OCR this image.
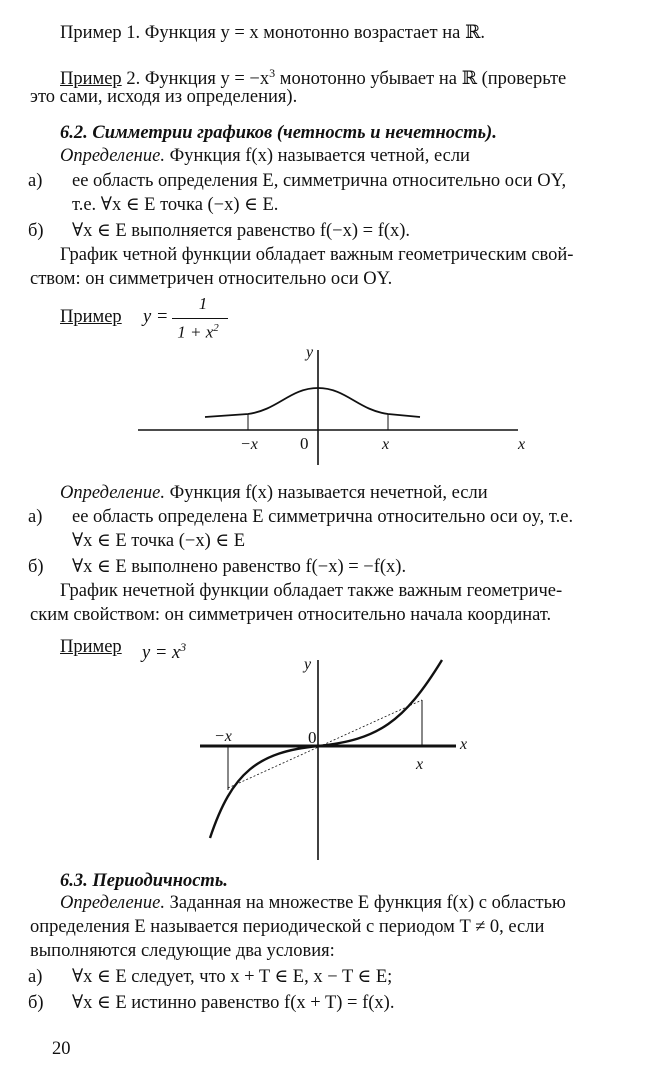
Пример 1. Функция y = x монотонно возрастает на ℝ.
Пример 2. Функция $y = -x^3$ монотонно убывает на ℝ (проверьте
это сами, исходя из определения).
6.2. Симметрии графиков (четность и нечетность).
Определение. Функция f(x) называется четной, если
а) ее область определения E, симметрична относительно оси OY,
т.е. ∀x ∈ E точка (−x) ∈ E.
б) ∀x ∈ E выполняется равенство f(−x) = f(x).
График четной функции обладает важным геометрическим свой-
ством: он симметричен относительно оси OY.
Пример y =
1
$1 + x^2$
y
−x 0	x	x
Определение. Функция f(x) называется нечетной, если
а) ее область определена E симметрична относительно оси oy, т.е.
∀x ∈ E точка (−x) ∈ E
б) ∀x ∈ E выполнено равенство f(−x) = −f(x).
График нечетной функции обладает также важным геометриче-
ским свойством: он симметричен относительно начала координат.
Пример $y = x^3$
y
−x	0
x
x
6.3. Периодичность.
Определение. Заданная на множестве E функция f(x) с областью
определения E называется периодической с периодом T ≠ 0, если
выполняются следующие два условия:
а) ∀x ∈ E следует, что x + T ∈ E, x − T ∈ E;
б) ∀x ∈ E истинно равенство f(x + T) = f(x).
20
